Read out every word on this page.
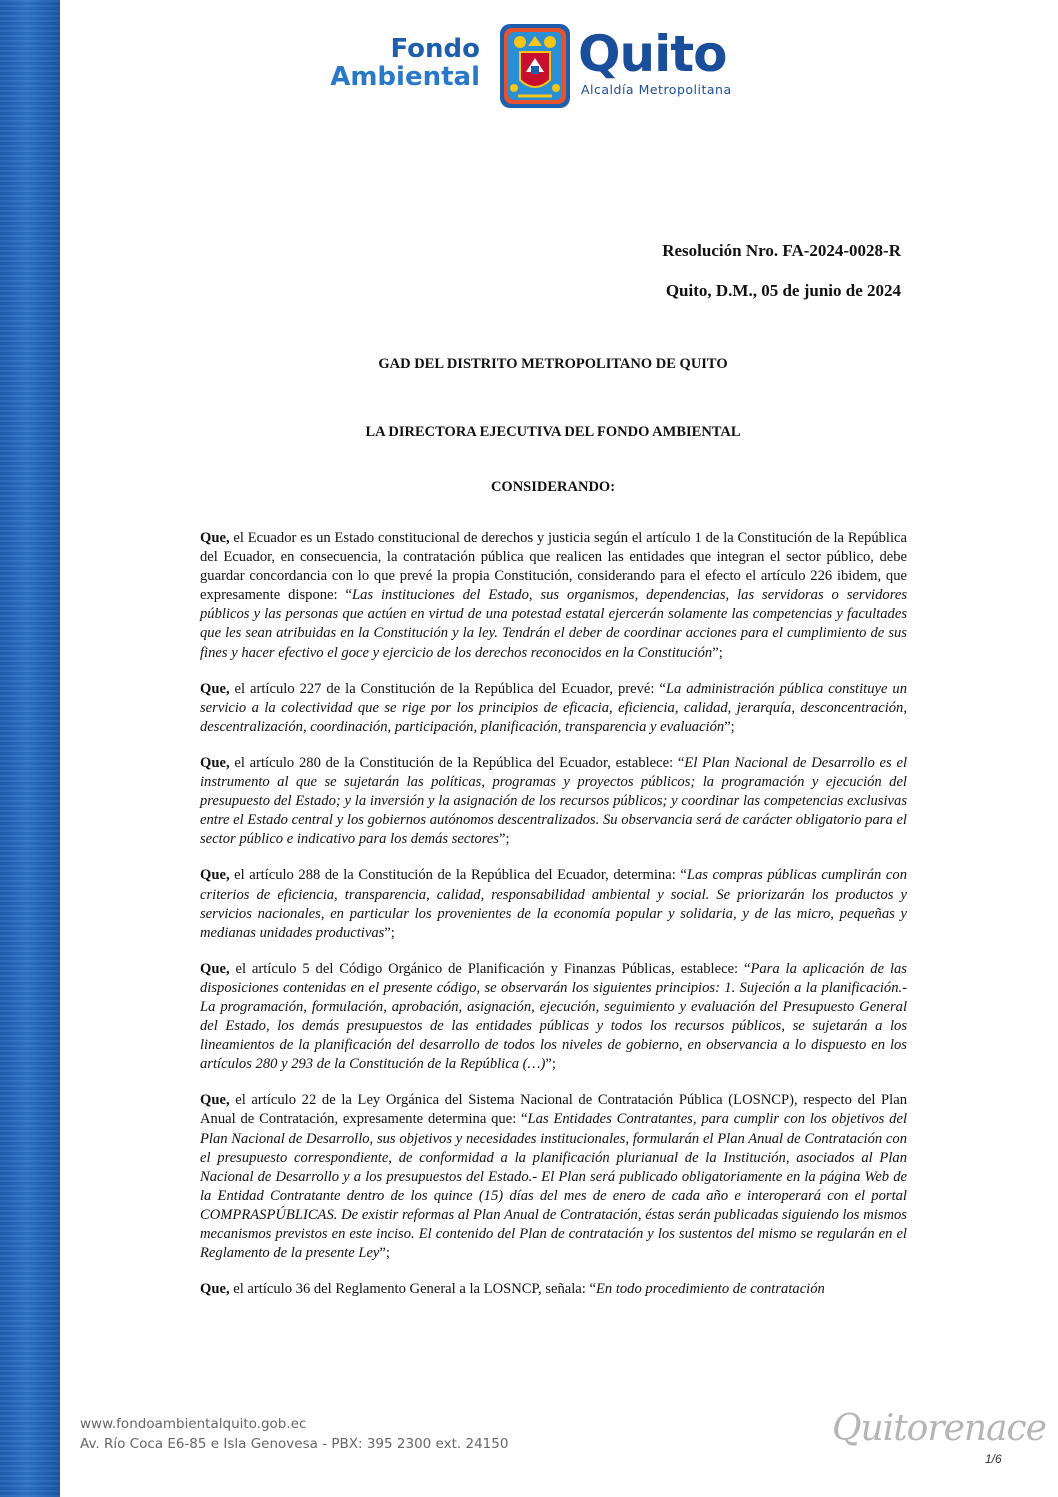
Fondo
Ambiental Quito
Alcaldía Metropolitana
Resolución Nro. FA-2024-0028-R
Quito, D.M., 05 de junio de 2024
GAD DEL DISTRITO METROPOLITANO DE QUITO
LA DIRECTORA EJECUTIVA DEL FONDO AMBIENTAL
CONSIDERANDO:

Que, el Ecuador es un Estado constitucional de derechos y justicia según el artículo 1 de la Constitución de la República del Ecuador, en consecuencia, la contratación pública que realicen las entidades que integran el sector público, debe guardar concordancia con lo que prevé la propia Constitución, considerando para el efecto el artículo 226 ibidem, que expresamente dispone: “Las instituciones del Estado, sus organismos, dependencias, las servidoras o servidores públicos y las personas que actúen en virtud de una potestad estatal ejercerán solamente las competencias y facultades que les sean atribuidas en la Constitución y la ley. Tendrán el deber de coordinar acciones para el cumplimiento de sus fines y hacer efectivo el goce y ejercicio de los derechos reconocidos en la Constitución”;

Que, el artículo 227 de la Constitución de la República del Ecuador, prevé: “La administración pública constituye un servicio a la colectividad que se rige por los principios de eficacia, eficiencia, calidad, jerarquía, desconcentración, descentralización, coordinación, participación, planificación, transparencia y evaluación”;

Que, el artículo 280 de la Constitución de la República del Ecuador, establece: “El Plan Nacional de Desarrollo es el instrumento al que se sujetarán las políticas, programas y proyectos públicos; la programación y ejecución del presupuesto del Estado; y la inversión y la asignación de los recursos públicos; y coordinar las competencias exclusivas entre el Estado central y los gobiernos autónomos descentralizados. Su observancia será de carácter obligatorio para el sector público e indicativo para los demás sectores”;

Que, el artículo 288 de la Constitución de la República del Ecuador, determina: “Las compras públicas cumplirán con criterios de eficiencia, transparencia, calidad, responsabilidad ambiental y social. Se priorizarán los productos y servicios nacionales, en particular los provenientes de la economía popular y solidaria, y de las micro, pequeñas y medianas unidades productivas”;

Que, el artículo 5 del Código Orgánico de Planificación y Finanzas Públicas, establece: “Para la aplicación de las disposiciones contenidas en el presente código, se observarán los siguientes principios: 1. Sujeción a la planificación.- La programación, formulación, aprobación, asignación, ejecución, seguimiento y evaluación del Presupuesto General del Estado, los demás presupuestos de las entidades públicas y todos los recursos públicos, se sujetarán a los lineamientos de la planificación del desarrollo de todos los niveles de gobierno, en observancia a lo dispuesto en los artículos 280 y 293 de la Constitución de la República (…)”;

Que, el artículo 22 de la Ley Orgánica del Sistema Nacional de Contratación Pública (LOSNCP), respecto del Plan Anual de Contratación, expresamente determina que: “Las Entidades Contratantes, para cumplir con los objetivos del Plan Nacional de Desarrollo, sus objetivos y necesidades institucionales, formularán el Plan Anual de Contratación con el presupuesto correspondiente, de conformidad a la planificación plurianual de la Institución, asociados al Plan Nacional de Desarrollo y a los presupuestos del Estado.- El Plan será publicado obligatoriamente en la página Web de la Entidad Contratante dentro de los quince (15) días del mes de enero de cada año e interoperará con el portal COMPRASPÚBLICAS. De existir reformas al Plan Anual de Contratación, éstas serán publicadas siguiendo los mismos mecanismos previstos en este inciso. El contenido del Plan de contratación y los sustentos del mismo se regularán en el Reglamento de la presente Ley”;

Que, el artículo 36 del Reglamento General a la LOSNCP, señala: “En todo procedimiento de contratación

www.fondoambientalquito.gob.ec
Av. Río Coca E6-85 e Isla Genovesa - PBX: 395 2300 ext. 24150	Quitorenace
1/6
